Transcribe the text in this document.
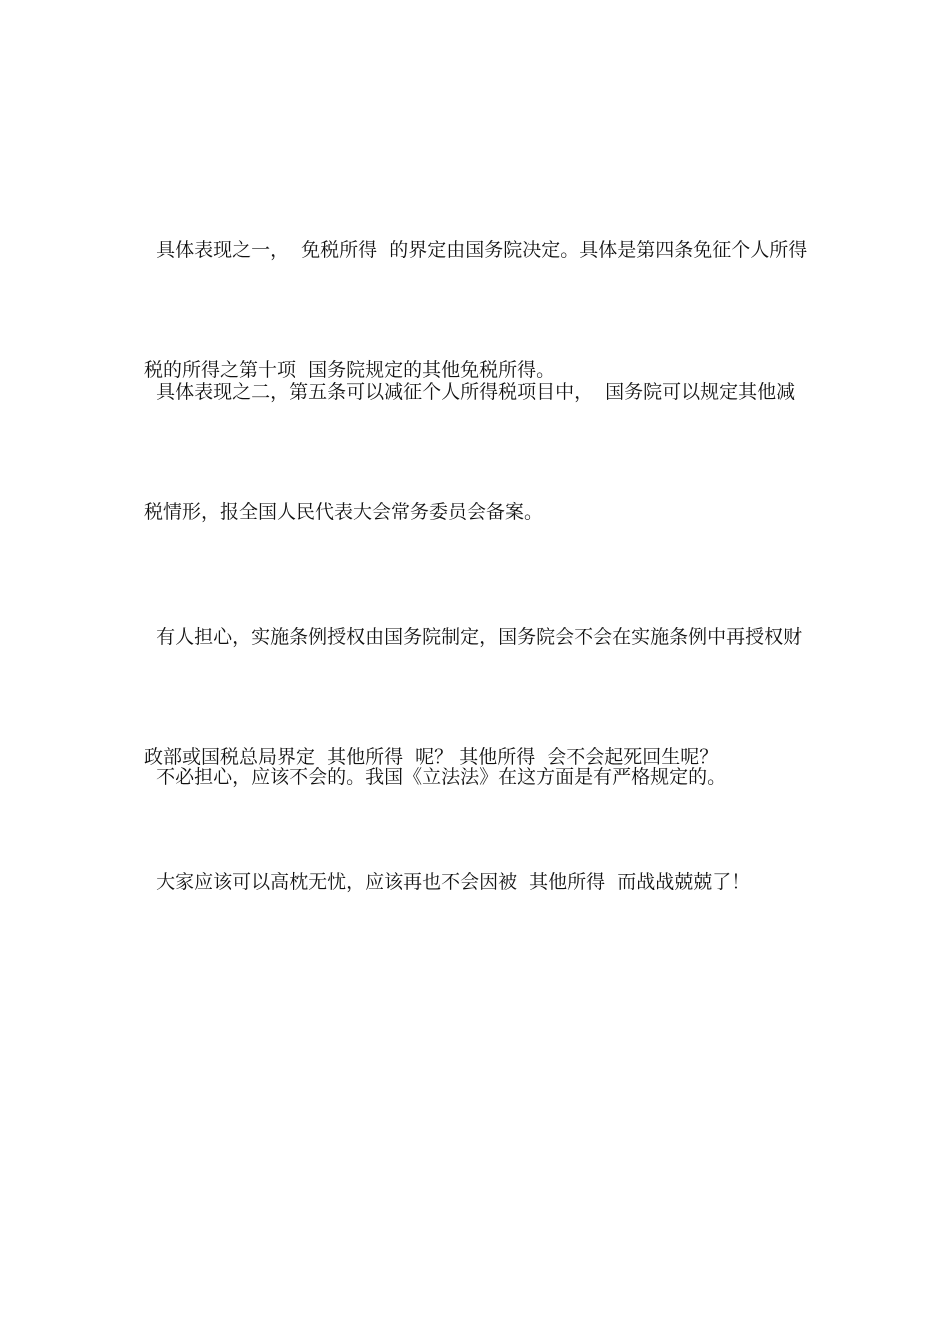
具体表现之一，  免税所得  的界定由国务院决定。具体是第四条免征个人所得

税的所得之第十项  国务院规定的其他免税所得。

具体表现之二，第五条可以减征个人所得税项目中，  国务院可以规定其他减

税情形，报全国人民代表大会常务委员会备案。

有人担心，实施条例授权由国务院制定，国务院会不会在实施条例中再授权财

政部或国税总局界定  其他所得  呢？ 其他所得  会不会起死回生呢？

不必担心，应该不会的。我国《立法法》在这方面是有严格规定的。

大家应该可以高枕无忧，应该再也不会因被  其他所得  而战战兢兢了！
